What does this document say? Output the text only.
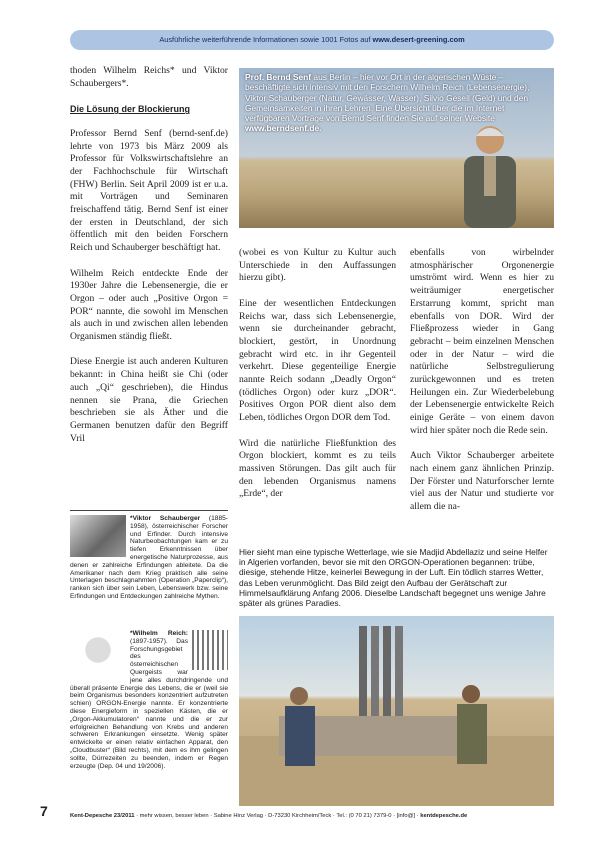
Ausführliche weiterführende Informationen sowie 1001 Fotos auf www.desert-greening.com

thoden Wilhelm Reichs* und Viktor Schaubergers*.

Die Lösung der Blockierung

Professor Bernd Senf (bernd-senf.de) lehrte von 1973 bis März 2009 als Professor für Volkswirtschaftslehre an der Fachhochschule für Wirtschaft (FHW) Berlin. Seit April 2009 ist er u.a. mit Vorträgen und Seminaren freischaffend tätig. Bernd Senf ist einer der ersten in Deutschland, der sich öffentlich mit den beiden Forschern Reich und Schauberger beschäftigt hat.

Wilhelm Reich entdeckte Ende der 1930er Jahre die Lebensenergie, die er Orgon – oder auch „Positive Orgon = POR“ nannte, die sowohl im Menschen als auch in und zwischen allen lebenden Organismen ständig fließt.

Diese Energie ist auch anderen Kulturen bekannt: in China heißt sie Chi (oder auch „Qi“ geschrieben), die Hindus nennen sie Prana, die Griechen beschrieben sie als Äther und die Germanen benutzen dafür den Begriff Vril

Prof. Bernd Senf aus Berlin – hier vor Ort in der algerischen Wüste – beschäftigte sich intensiv mit den Forschern Wilhelm Reich (Lebensenergie), Viktor Schauberger (Natur, Gewässer, Wasser), Silvio Gesell (Geld) und den Gemeinsamkeiten in ihren Lehren. Eine Übersicht über die im Internet verfügbaren Vorträge von Bernd Senf finden Sie auf seiner Website www.berndsenf.de.

(wobei es von Kultur zu Kultur auch Unterschiede in den Auffassungen hierzu gibt).

Eine der wesentlichen Entdeckungen Reichs war, dass sich Lebensenergie, wenn sie durcheinander gebracht, blockiert, gestört, in Unordnung gebracht wird etc. in ihr Gegenteil verkehrt. Diese gegenteilige Energie nannte Reich sodann „Deadly Orgon“ (tödliches Orgon) oder kurz „DOR“. Positives Orgon POR dient also dem Leben, tödliches Orgon DOR dem Tod.

Wird die natürliche Fließfunktion des Orgon blockiert, kommt es zu teils massiven Störungen. Das gilt auch für den lebenden Organismus namens „Erde“, der

ebenfalls von wirbelnder atmosphärischer Orgonenergie umströmt wird. Wenn es hier zu weiträumiger energetischer Erstarrung kommt, spricht man ebenfalls von DOR. Wird der Fließprozess wieder in Gang gebracht – beim einzelnen Menschen oder in der Natur – wird die natürliche Selbstregulierung zurückgewonnen und es treten Heilungen ein. Zur Wiederbelebung der Lebensenergie entwickelte Reich einige Geräte – von einem davon wird hier später noch die Rede sein.

Auch Viktor Schauberger arbeitete nach einem ganz ähnlichen Prinzip. Der Förster und Naturforscher lernte viel aus der Natur und studierte vor allem die na-

*Viktor Schauberger (1885-1958), österreichischer Forscher und Erfinder. Durch intensive Naturbeobachtungen kam er zu tiefen Erkenntnissen über energetische Naturprozesse, aus denen er zahlreiche Erfindungen ableitete. Da die Amerikaner nach dem Krieg praktisch alle seine Unterlagen beschlagnahmten (Operation „Paperclip“), ranken sich über sein Leben, Lebenswerk bzw. seine Erfindungen und Entdeckungen zahlreiche Mythen.
*Wilhelm Reich: (1897-1957). Das Forschungsgebiet des österreichischen Quergeists war jene alles durchdringende und überall präsente Energie des Lebens, die er (weil sie beim Organismus besonders konzentriert aufzutreten schien) ORGON-Energie nannte. Er konzentrierte diese Energieform in speziellen Kästen, die er „Orgon-Akkumulatoren“ nannte und die er zur erfolgreichen Behandlung von Krebs und anderen schweren Erkrankungen einsetzte. Wenig später entwickelte er einen relativ einfachen Apparat, den „Cloudbuster“ (Bild rechts), mit dem es ihm gelingen sollte, Dürrezeiten zu beenden, indem er Regen erzeugte (Dep. 04 und 19/2006).
Hier sieht man eine typische Wetterlage, wie sie Madjid Abdellaziz und seine Helfer in Algerien vorfanden, bevor sie mit den ORGON-Operationen begannen: trübe, diesige, stehende Hitze, keinerlei Bewegung in der Luft. Ein tödlich starres Wetter, das Leben verunmöglicht. Das Bild zeigt den Aufbau der Gerätschaft zur Himmelsaufklärung Anfang 2006. Dieselbe Landschaft begegnet uns wenige Jahre später als grünes Paradies.
7	Kent-Depesche 23/2011 · mehr wissen, besser leben · Sabine Hinz Verlag · D-73230 Kirchheim/Teck · Tel.: (0 70 21) 7379-0 · [info@] · kentdepesche.de
